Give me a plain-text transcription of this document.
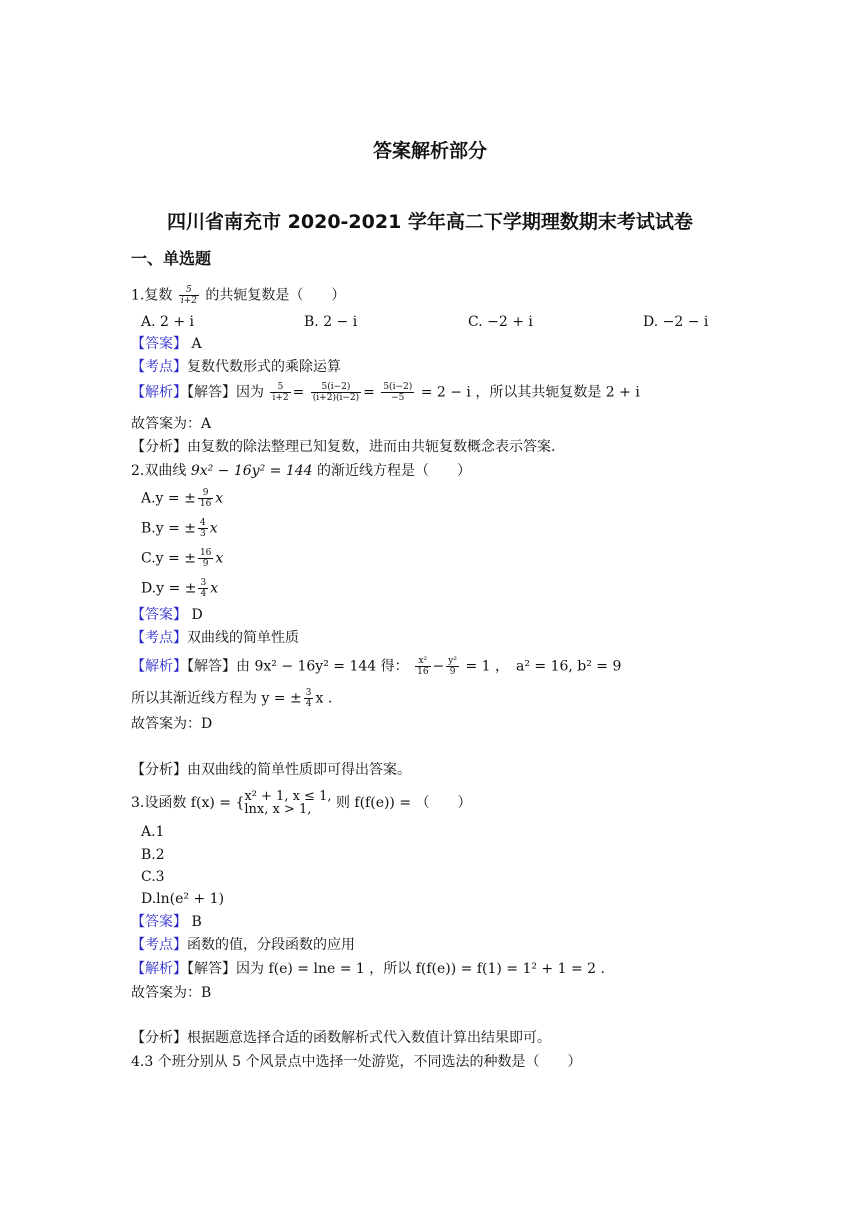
答案解析部分
四川省南充市 2020-2021 学年高二下学期理数期末考试试卷
一、单选题
1.复数 $\frac{5}{i+2}$ 的共轭复数是（　　）
A. 2 + i	B. 2 − i	C. −2 + i	D. −2 − i
【答案】 A
【考点】复数代数形式的乘除运算
【解析】【解答】因为 $\frac{5}{i+2} = \frac{5(i-2)}{(i+2)(i-2)} = \frac{5(i-2)}{-5} = 2 - i$ ，所以其共轭复数是 2 + i
故答案为：A
【分析】由复数的除法整理已知复数，进而由共轭复数概念表示答案.
2.双曲线 9x² − 16y² = 144 的渐近线方程是（　　）
A.y = ± $\frac{9}{16}$ x
B.y = ± $\frac{4}{3}$ x
C.y = ± $\frac{16}{9}$ x
D.y = ± $\frac{3}{4}$ x
【答案】 D
【考点】双曲线的简单性质
【解析】【解答】由 9x² − 16y² = 144 得： $\frac{\text{x²}}{16} - \frac{\text{y²}}{9} = 1$ ，　a² = 16, b² = 9
所以其渐近线方程为 y = ± $\frac{3}{4}$ x .
故答案为：D
【分析】由双曲线的简单性质即可得出答案。
3.设函数 f(x) = { x² + 1, x ≤ 1,
lnx, x > 1,	则 f(f(e)) = （　　）
A.1
B.2
C.3
D.ln(e² + 1)
【答案】 B
【考点】函数的值，分段函数的应用
【解析】【解答】因为 f(e) = lne = 1 ，所以 f(f(e)) = f(1) = 1² + 1 = 2 .
故答案为：B
【分析】根据题意选择合适的函数解析式代入数值计算出结果即可。
4.3 个班分别从 5 个风景点中选择一处游览，不同选法的种数是（　　）
